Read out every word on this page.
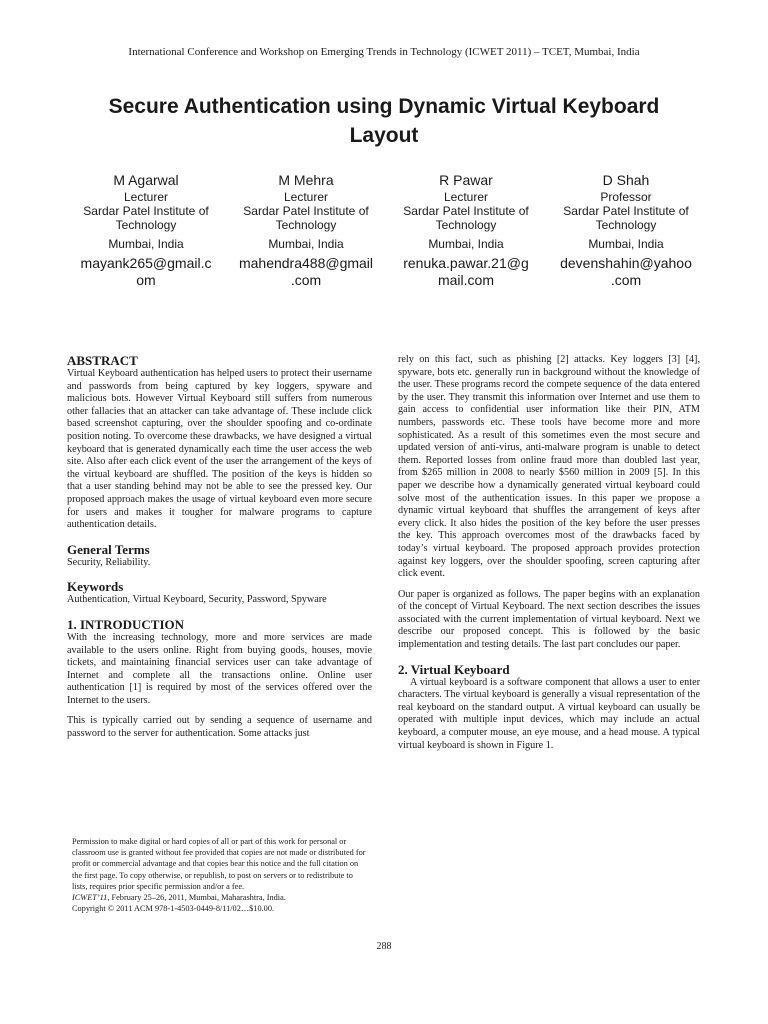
International Conference and Workshop on Emerging Trends in Technology (ICWET 2011) – TCET, Mumbai, India
Secure Authentication using Dynamic Virtual Keyboard
Layout
M Agarwal
Lecturer
Sardar Patel Institute of
Technology
Mumbai, India
mayank265@gmail.c
om
M Mehra
Lecturer
Sardar Patel Institute of
Technology
Mumbai, India
mahendra488@gmail
.com
R Pawar
Lecturer
Sardar Patel Institute of
Technology
Mumbai, India
renuka.pawar.21@g
mail.com
D Shah
Professor
Sardar Patel Institute of
Technology
Mumbai, India
devenshahin@yahoo
.com
ABSTRACT

Virtual Keyboard authentication has helped users to protect their username and passwords from being captured by key loggers, spyware and malicious bots. However Virtual Keyboard still suffers from numerous other fallacies that an attacker can take advantage of. These include click based screenshot capturing, over the shoulder spoofing and co-ordinate position noting. To overcome these drawbacks, we have designed a virtual keyboard that is generated dynamically each time the user access the web site. Also after each click event of the user the arrangement of the keys of the virtual keyboard are shuffled. The position of the keys is hidden so that a user standing behind may not be able to see the pressed key. Our proposed approach makes the usage of virtual keyboard even more secure for users and makes it tougher for malware programs to capture authentication details.

General Terms

Security, Reliability.

Keywords

Authentication, Virtual Keyboard, Security, Password, Spyware

1. INTRODUCTION

With the increasing technology, more and more services are made available to the users online. Right from buying goods, houses, movie tickets, and maintaining financial services user can take advantage of Internet and complete all the transactions online. Online user authentication [1] is required by most of the services offered over the Internet to the users.

This is typically carried out by sending a sequence of username and password to the server for authentication. Some attacks just

rely on this fact, such as phishing [2] attacks. Key loggers [3] [4], spyware, bots etc. generally run in background without the knowledge of the user. These programs record the compete sequence of the data entered by the user. They transmit this information over Internet and use them to gain access to confidential user information like their PIN, ATM numbers, passwords etc. These tools have become more and more sophisticated. As a result of this sometimes even the most secure and updated version of anti-virus, anti-malware program is unable to detect them. Reported losses from online fraud more than doubled last year, from $265 million in 2008 to nearly $560 million in 2009 [5]. In this paper we describe how a dynamically generated virtual keyboard could solve most of the authentication issues. In this paper we propose a dynamic virtual keyboard that shuffles the arrangement of keys after every click. It also hides the position of the key before the user presses the key. This approach overcomes most of the drawbacks faced by today’s virtual keyboard. The proposed approach provides protection against key loggers, over the shoulder spoofing, screen capturing after click event.

Our paper is organized as follows. The paper begins with an explanation of the concept of Virtual Keyboard. The next section describes the issues associated with the current implementation of virtual keyboard. Next we describe our proposed concept. This is followed by the basic implementation and testing details. The last part concludes our paper.

2. Virtual Keyboard

A virtual keyboard is a software component that allows a user to enter characters. The virtual keyboard is generally a visual representation of the real keyboard on the standard output. A virtual keyboard can usually be operated with multiple input devices, which may include an actual keyboard, a computer mouse, an eye mouse, and a head mouse. A typical virtual keyboard is shown in Figure 1.

Permission to make digital or hard copies of all or part of this work for personal or classroom use is granted without fee provided that copies are not made or distributed for profit or commercial advantage and that copies bear this notice and the full citation on the first page. To copy otherwise, or republish, to post on servers or to redistribute to lists, requires prior specific permission and/or a fee.

ICWET’11, February 25–26, 2011, Mumbai, Maharashtra, India.

Copyright © 2011 ACM 978-1-4503-0449-8/11/02…$10.00.

288
